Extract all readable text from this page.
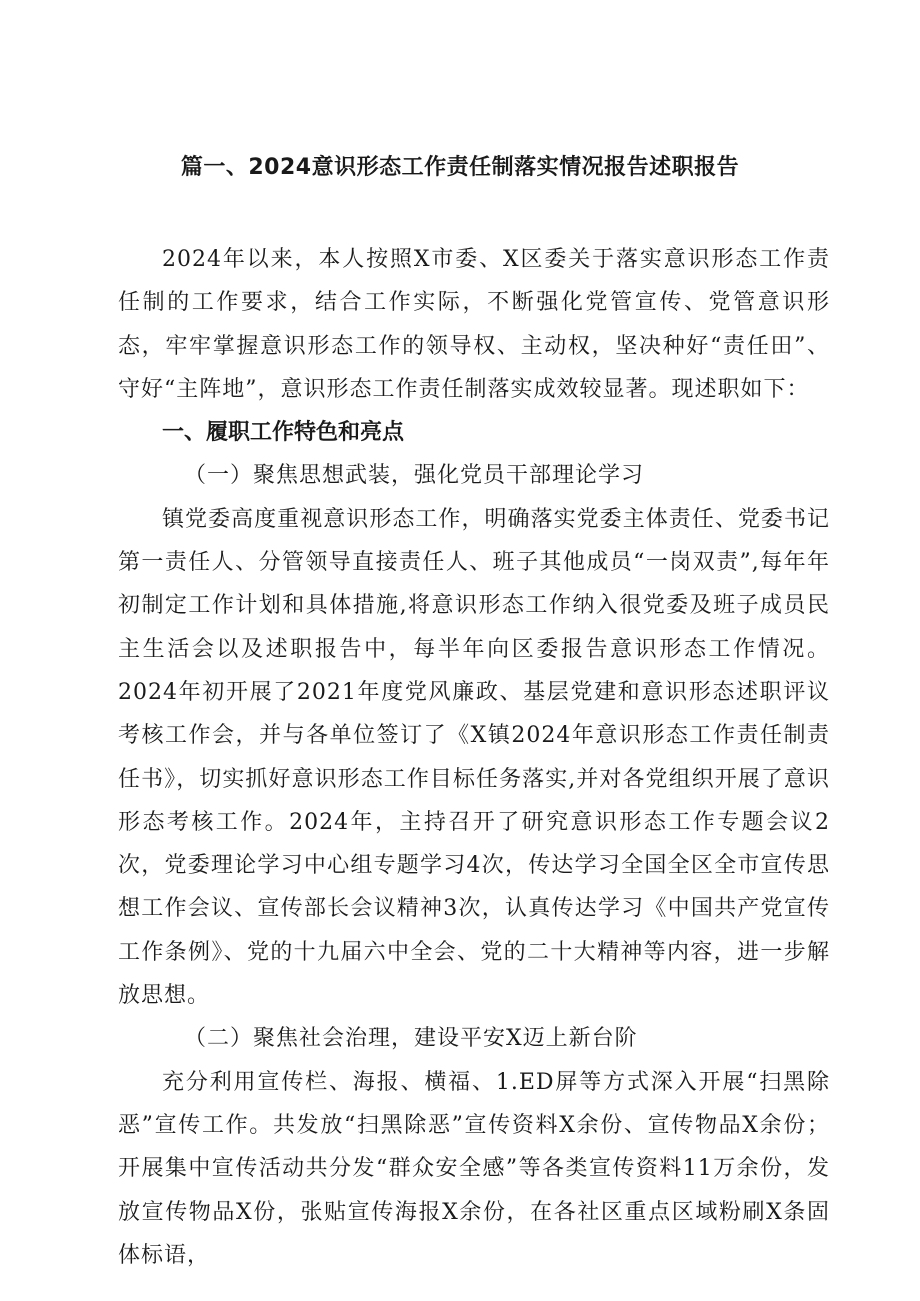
篇一、2024意识形态工作责任制落实情况报告述职报告

2024年以来，本人按照X市委、X区委关于落实意识形态工作责任制的工作要求，结合工作实际，不断强化党管宣传、党管意识形态，牢牢掌握意识形态工作的领导权、主动权，坚决种好“责任田”、守好“主阵地”，意识形态工作责任制落实成效较显著。现述职如下：

一、履职工作特色和亮点

（一）聚焦思想武装，强化党员干部理论学习

镇党委高度重视意识形态工作，明确落实党委主体责任、党委书记第一责任人、分管领导直接责任人、班子其他成员“一岗双责”,每年年初制定工作计划和具体措施,将意识形态工作纳入很党委及班子成员民主生活会以及述职报告中，每半年向区委报告意识形态工作情况。2024年初开展了2021年度党风廉政、基层党建和意识形态述职评议考核工作会，并与各单位签订了《X镇2024年意识形态工作责任制责任书》，切实抓好意识形态工作目标任务落实,并对各党组织开展了意识形态考核工作。2024年，主持召开了研究意识形态工作专题会议2次，党委理论学习中心组专题学习4次，传达学习全国全区全市宣传思想工作会议、宣传部长会议精神3次，认真传达学习《中国共产党宣传工作条例》、党的十九届六中全会、党的二十大精神等内容，进一步解放思想。

（二）聚焦社会治理，建设平安X迈上新台阶

充分利用宣传栏、海报、横福、1.ED屏等方式深入开展“扫黑除恶”宣传工作。共发放“扫黑除恶”宣传资料X余份、宣传物品X余份；开展集中宣传活动共分发“群众安全感”等各类宣传资料11万余份，发放宣传物品X份，张贴宣传海报X余份，在各社区重点区域粉刷X条固体标语，
